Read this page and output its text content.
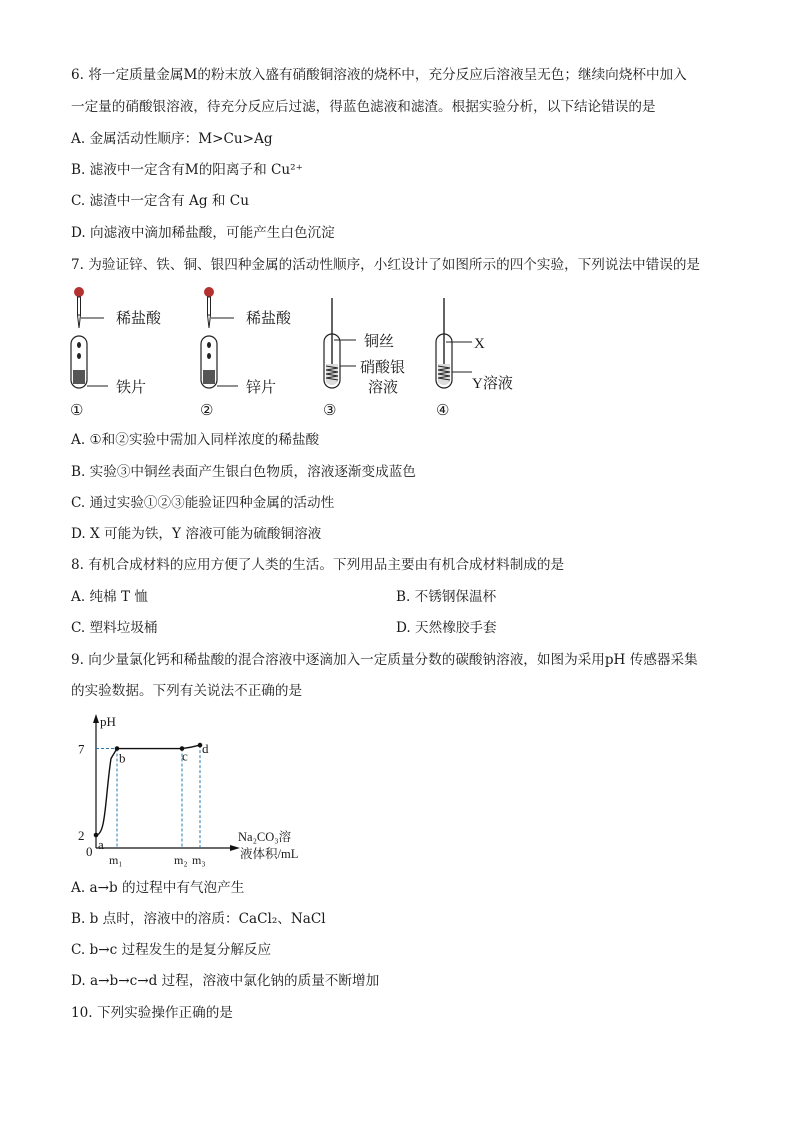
6. 将一定质量金属M的粉末放入盛有硝酸铜溶液的烧杯中，充分反应后溶液呈无色；继续向烧杯中加入
一定量的硝酸银溶液，待充分反应后过滤，得蓝色滤液和滤渣。根据实验分析，以下结论错误的是
A. 金属活动性顺序：M>Cu>Ag
B. 滤液中一定含有M的阳离子和 Cu²⁺
C. 滤渣中一定含有 Ag 和 Cu
D. 向滤液中滴加稀盐酸，可能产生白色沉淀
7. 为验证锌、铁、铜、银四种金属的活动性顺序，小红设计了如图所示的四个实验，下列说法中错误的是
稀盐酸
铁片
①
稀盐酸
锌片
②
铜丝
硝酸银
溶液
③
X
Y溶液
④
A. ①和②实验中需加入同样浓度的稀盐酸
B. 实验③中铜丝表面产生银白色物质，溶液逐渐变成蓝色
C. 通过实验①②③能验证四种金属的活动性
D. X 可能为铁，Y 溶液可能为硫酸铜溶液
8. 有机合成材料的应用方便了人类的生活。下列用品主要由有机合成材料制成的是
A. 纯棉 T 恤	B. 不锈钢保温杯
C. 塑料垃圾桶	D. 天然橡胶手套
9. 向少量氯化钙和稀盐酸的混合溶液中逐滴加入一定质量分数的碳酸钠溶液，如图为采用pH 传感器采集
的实验数据。下列有关说法不正确的是
pH
0
Na₂CO₃溶
液体积/mL
2
7
m₁	m₂ m₃
a
b	c d
A. a→b 的过程中有气泡产生
B. b 点时，溶液中的溶质：CaCl₂、NaCl
C. b→c 过程发生的是复分解反应
D. a→b→c→d 过程，溶液中氯化钠的质量不断增加
10. 下列实验操作正确的是
